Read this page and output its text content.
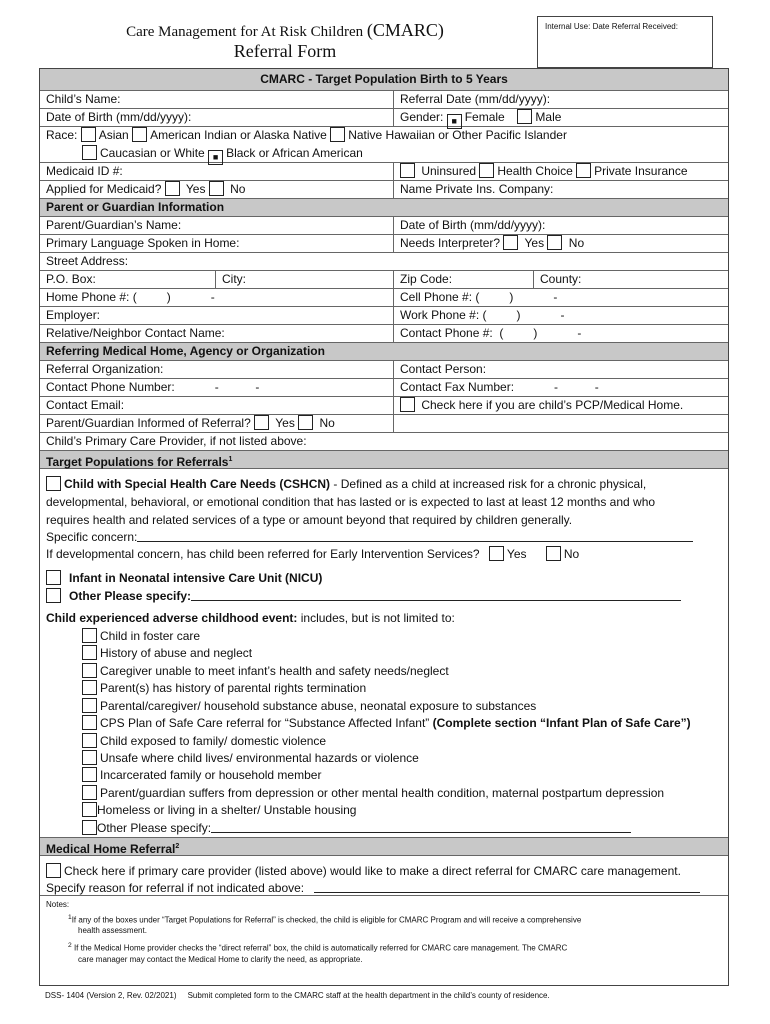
Care Management for At Risk Children (CMARC)
Referral Form
Internal Use: Date Referral Received:
CMARC - Target Population Birth to 5 Years
Child’s Name:	Referral Date (mm/dd/yyyy):
Date of Birth (mm/dd/yyyy):	Gender: ■ Female	Male
Race: Asian American Indian or Alaska Native Native Hawaiian or Other Pacific Islander
Caucasian or White ■ Black or African American
Medicaid ID #:	Uninsured Health Choice Private Insurance
Applied for Medicaid? Yes No	Name Private Ins. Company:
Parent or Guardian Information
Parent/Guardian’s Name:	Date of Birth (mm/dd/yyyy):
Primary Language Spoken in Home:	Needs Interpreter? Yes No
Street Address:
P.O. Box:	City:	Zip Code:	County:
Home Phone #: (         )            -	Cell Phone #: (         )            -
Employer:	Work Phone #: (         )            -
Relative/Neighbor Contact Name:	Contact Phone #:  (         )            -
Referring Medical Home, Agency or Organization
Referral Organization:	Contact Person:
Contact Phone Number:            -           -	Contact Fax Number:            -           -
Contact Email:	Check here if you are child’s PCP/Medical Home.
Parent/Guardian Informed of Referral? Yes No
Child’s Primary Care Provider, if not listed above:
Target Populations for Referrals$^1$
Child with Special Health Care Needs (CSHCN) - Defined as a child at increased risk for a chronic physical,
developmental, behavioral, or emotional condition that has lasted or is expected to last at least 12 months and who
requires health and related services of a type or amount beyond that required by children generally.
Specific concern:
If developmental concern, has child been referred for Early Intervention Services? Yes	No
Infant in Neonatal intensive Care Unit (NICU)
Other Please specify:
Child experienced adverse childhood event: includes, but is not limited to:
Child in foster care
History of abuse and neglect
Caregiver unable to meet infant’s health and safety needs/neglect
Parent(s) has history of parental rights termination
Parental/caregiver/ household substance abuse, neonatal exposure to substances
CPS Plan of Safe Care referral for “Substance Affected Infant” (Complete section “Infant Plan of Safe Care”)
Child exposed to family/ domestic violence
Unsafe where child lives/ environmental hazards or violence
Incarcerated family or household member
Parent/guardian suffers from depression or other mental health condition, maternal postpartum depression
Homeless or living in a shelter/ Unstable housing
Other Please specify:
Medical Home Referral$^2$
Check here if primary care provider (listed above) would like to make a direct referral for CMARC care management.
Specify reason for referral if not indicated above:
Notes:
$^1$If any of the boxes under “Target Populations for Referral” is checked, the child is eligible for CMARC Program and will receive a comprehensive
health assessment.
$^2$ If the Medical Home provider checks the “direct referral” box, the child is automatically referred for CMARC care management. The CMARC
care manager may contact the Medical Home to clarify the need, as appropriate.
DSS- 1404 (Version 2, Rev. 02/2021)     Submit completed form to the CMARC staff at the health department in the child’s county of residence.
